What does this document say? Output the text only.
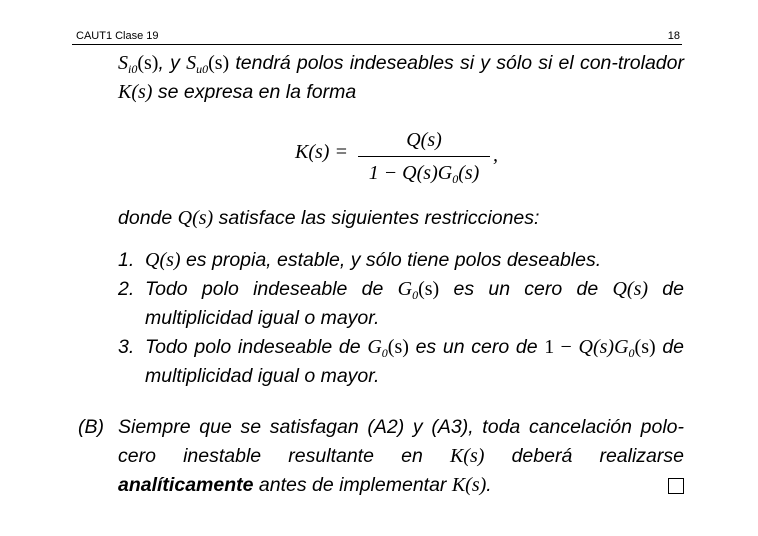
CAUT1 Clase 19	18
$S_{i0}(s)$, y $S_{u0}(s)$ tendrá polos indeseables si y sólo si el con-trolador K(s) se expresa en la forma
K(s) =
Q(s)
$1 - Q(s)G_0(s)$
,
donde Q(s) satisface las siguientes restricciones:
1. Q(s) es propia, estable, y sólo tiene polos deseables.
2. Todo polo indeseable de $G_0(s)$ es un cero de Q(s) de multiplicidad igual o mayor.
3. Todo polo indeseable de $G_0(s)$ es un cero de $1 - Q(s)G_0(s)$ de multiplicidad igual o mayor.
(B) Siempre que se satisfagan (A2) y (A3), toda cancelación polo-cero inestable resultante en K(s) deberá realizarse analíticamente antes de implementar K(s).
